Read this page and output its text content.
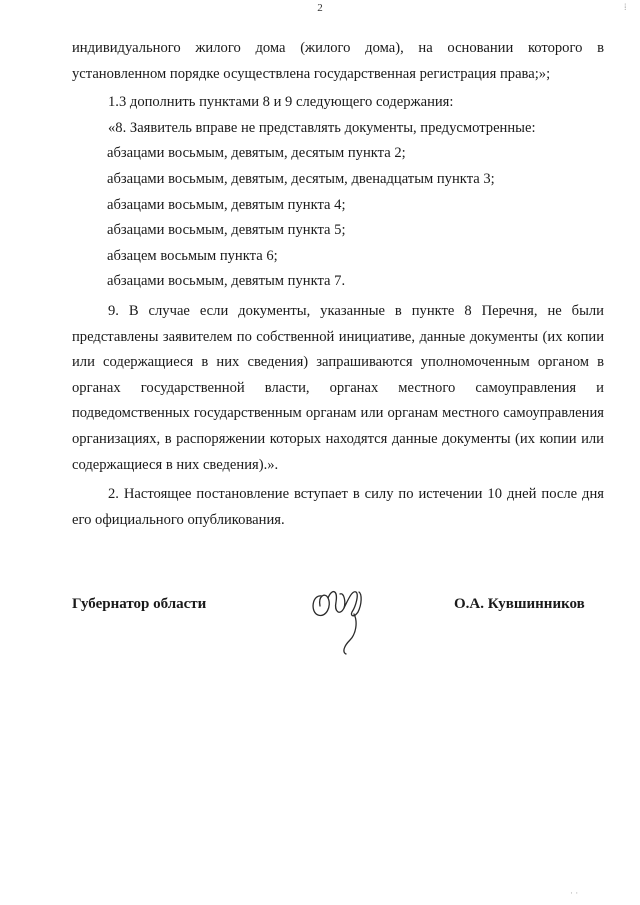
2

индивидуального жилого дома (жилого дома), на основании которого в установленном порядке осуществлена государственная регистрация права;»;

1.3 дополнить пунктами 8 и 9 следующего содержания:

«8. Заявитель вправе не представлять документы, предусмотренные:

абзацами восьмым, девятым, десятым пункта 2;

абзацами восьмым, девятым, десятым, двенадцатым пункта 3;

абзацами восьмым, девятым пункта 4;

абзацами восьмым, девятым пункта 5;

абзацем восьмым пункта 6;

абзацами восьмым, девятым пункта 7.

9. В случае если документы, указанные в пункте 8 Перечня, не были представлены заявителем по собственной инициативе, данные документы (их копии или содержащиеся в них сведения) запрашиваются уполномоченным органом в органах государственной власти, органах местного самоуправления и подведомственных государственным органам или органам местного самоуправления организациях, в распоряжении которых находятся данные документы (их копии или содержащиеся в них сведения).».

2. Настоящее постановление вступает в силу по истечении 10 дней после дня его официального опубликования.

Губернатор области	О.А. Кувшинников
⁞
· ·
